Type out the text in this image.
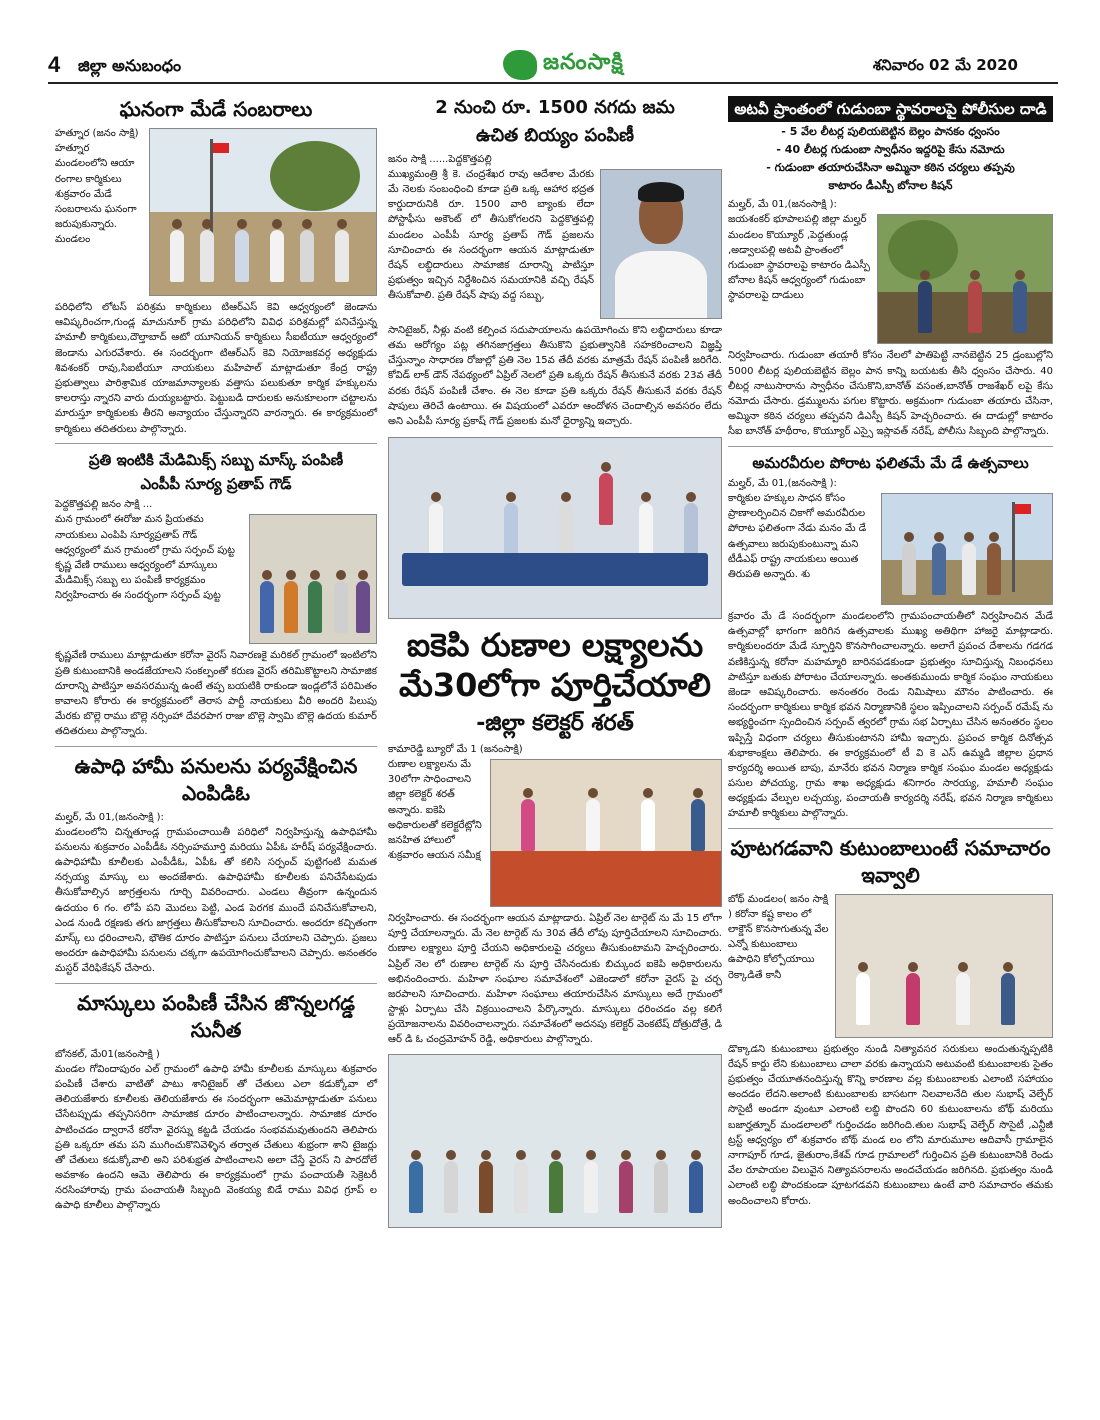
4 జిల్లా అనుబంధం	జనంసాక్షి	శనివారం 02 మే 2020
ఘనంగా మేడే సంబరాలు

హత్నూర (జనం సాక్షి) హత్నూర మండలంలోని ఆయా రంగాల కార్మికులు శుక్రవారం మేడే సంబరాలను ఘనంగా జరుపుకున్నారు. మండలం

పరిధిలోని లోటస్ పరిశ్రమ కార్మికులు టిఆర్ఎస్ కెవి ఆధ్వర్యంలో జెండాను ఆవిష్కరించగా,గుండ్ల మాచునూర్ గ్రామ పరిధిలోని వివిధ పరిశ్రమల్లో పనిచేస్తున్న హమాలీ కార్మికులు,దౌల్తాబాద్ ఆటో యూనియన్ కార్మికులు సీఐటీయూ ఆధ్వర్యంలో జెండాను ఎగురవేశారు. ఈ సందర్భంగా టిఆర్ఎస్ కెవి నియోజకవర్గ అధ్యక్షుడు శివశంకర్ రావు,సిఐటీయూ నాయకులు మహిపాల్ మాట్లాడుతూ కేంద్ర రాష్ట్ర ప్రభుత్వాలు పారిశ్రామిక యాజమాన్యాలకు వత్తాసు పలుకుతూ కార్మిక హక్కులను కాలరాస్తు న్నారని వారు దుయ్యబట్టారు. పెట్టుబడి దారులకు అనుకూలంగా చట్టాలను మారుస్తూ కార్మికులకు తీరని అన్యాయం చేస్తున్నారని వారన్నారు. ఈ కార్యక్రమంలో కార్మికులు తదితరులు పాల్గొన్నారు.

ప్రతి ఇంటికి మేడిమిక్స్ సబ్బు మాస్క్ పంపిణీ

ఎంపీపీ సూర్య ప్రతాప్ గౌడ్

పెద్దకొత్తపల్లి జనం సాక్షి ...

మన గ్రామంలో ఈరోజు మన ప్రియతమ నాయకులు ఎంపిపి సూర్యప్రతాప్ గౌడ్ ఆధ్వర్యంలో మన గ్రామంలో గ్రామ సర్పంచ్ పుట్ట కృష్ణ వేణి రాములు ఆధ్వర్యంలో మాస్కులు మేడిమిక్స్ సబ్బు లు పంపిణీ కార్యక్రమం నిర్వహించారు ఈ సందర్భంగా సర్పంచ్ పుట్ట

కృష్ణవేణి రాములు మాట్లాడుతూ కరోనా వైరస్ నివారణకై మరికల్ గ్రామంలో ఇంటిలోని ప్రతి కుటుంబానికి అండజేయాలని సంకల్పంతో కరుణ వైరస్ తరిమికొట్టాలని సామాజిక దూరాన్ని పాటిస్తూ అవసరమున్న ఉంటే తప్ప బయటికి రాకుండా ఇండ్లలోనే పరిమితం కావాలని కోరారు ఈ కార్యక్రమంలో తెరాస పార్టీ నాయకులు వీరి అందరి పిలుపు మేరకు బొల్లె రాము బొల్లె నర్సింహా దేవరపాగ రాజు బొల్లె స్వామి బొల్లె ఉదయ కుమార్ తదితరులు పాల్గొన్నారు.

ఉపాధి హామీ పనులను పర్యవేక్షించిన ఎంపిడిఓ

మల్హర్, మే 01,(జనంసాక్షి ):

మండలంలోని చిన్నతూండ్ల గ్రామపంచాయితీ పరిధిలో నిర్వహిస్తున్న ఉపాధిహామీ పనులను శుక్రవారం ఎంపీడీఓ నర్సింహమూర్తి మరియు ఏపీఓ హరీష్ పర్యవేక్షించారు. ఉపాధిహామీ కూలీలకు ఎంపీడీఓ, ఏపీఓ తో కలిసి సర్పంచ్ పుట్టిగంటి మమత నర్సయ్య మాస్కు లు అందజేశారు. ఉపాధిహామీ కూలీలకు పనిచేసేటపుడు తీసుకోవాల్సిన జాగ్రత్తలను గూర్చి వివరించారు. ఎండలు తీవ్రంగా ఉన్నందున ఉదయం 6 గం. లోపే పని మొదలు పెట్టి, ఎండ పెరగక ముందే పనిచేసుకోవాలని, ఎండ నుండి రక్షణకు తగు జాగ్రత్తలు తీసుకోవాలని సూచించారు. అందరూ కచ్చితంగా మాస్క్ లు ధరించాలని, భౌతిక దూరం పాటిస్తూ పనులు చేయాలని చెప్పారు. ప్రజలు అందరూ ఉపాధిహామీ పనులను చక్కగా ఉపయోగించుకోవాలని చెప్పారు. అనంతరం మస్టర్ వేరిఫికేషన్ చేసారు.

మాస్కులు పంపిణీ చేసిన జొన్నలగడ్డ సునీత

బోనకల్, మే01(జనంసాక్షి )

మండల గోవిందాపురం ఎల్ గ్రామంలో ఉపాధి హామీ కూలీలకు మాస్కులు శుక్రవారం పంపిణీ చేశారు వాటితో పాటు శానిటైజర్ తో చేతులు ఎలా కడుక్కోవా లో తెలియజేశారు కూలీలకు తెలియజేశారు ఈ సందర్భంగా ఆమెమాట్లాడుతూ పనులు చేసేటప్పుడు తప్పనిసరిగా సామాజిక దూరం పాటించాలన్నారు. సామాజిక దూరం పాటించడం ద్వారానే కరోనా వైరస్ను కట్టడి చేయడం సంభవమవుతుందని తెలిపారు ప్రతి ఒక్కరూ తమ పని ముగించుకొనివెళ్ళిన తర్వాత చేతులు శుభ్రంగా శాని టైజర్లు తో చేతులు కడుక్కోవాలి అని పరిశుభ్రత పాటించాలని అలా చేస్తే వైరస్ ని పారదోలే అవకాశం ఉందని ఆమె తెలిపారు ఈ కార్యక్రమంలో గ్రామ పంచాయతీ సెక్రెటరీ నరసింహారావు గ్రామ పంచాయతీ సిబ్బంది వెంకయ్య బిడే రాము వివిధ గ్రూప్ ల ఉపాధి కూలీలు పాల్గొన్నారు

2 నుంచి రూ. 1500 నగదు జమ

ఉచిత బియ్యం పంపిణీ

జనం సాక్షి ......పెద్దకొత్తపల్లి

ముఖ్యమంత్రి శ్రీ కె. చంద్రశేఖర రావు ఆదేశాల మేరకు మే నెలకు సంబంధించి కూడా ప్రతి ఒక్క ఆహార భద్రత కార్డుదారునికి రూ. 1500 వారి బ్యాంకు లేదా పోస్టాఫీసు అకౌంట్ లో తీసుకోగలరని పెద్దకొత్తపల్లి మండలం ఎంపీపీ సూర్య ప్రతాప్ గౌడ్ ప్రజలను సూచించారు ఈ సందర్భంగా ఆయన మాట్లాడుతూ రేషన్ లబ్ధిదారులు సామాజిక దూరాన్ని పాటిస్తూ ప్రభుత్వం ఇచ్చిన నిర్దేశించిన సమయానికి వచ్చి రేషన్ తీసుకోవాలి. ప్రతి రేషన్ షాపు వద్ద సబ్బు,

సానిటైజర్, నీళ్లు వంటి కల్పించ సదుపాయాలను ఉపయోగించు కొని లబ్ధిదారులు కూడా తమ ఆరోగ్యం పట్ల తగినజాగ్రత్తలు తీసుకొని ప్రభుత్వానికి సహకరించాలని విజ్ఞప్తి చేస్తున్నాం సాధారణ రోజుల్లో ప్రతి నెల 15వ తేదీ వరకు మాత్రమే రేషన్ పంపిణీ జరిగేది. కోవిడ్ లాక్ డౌన్ నేపథ్యంలో ఏప్రిల్ నెలలో ప్రతి ఒక్కరు రేషన్ తీసుకునే వరకు 23వ తేదీ వరకు రేషన్ పంపిణీ చేశాం. ఈ నెల కూడా ప్రతి ఒక్కరు రేషన్ తీసుకునే వరకు రేషన్ షాపులు తెరిచే ఉంటాయి. ఈ విషయంలో ఎవరూ ఆందోళన చెందాల్సిన అవసరం లేదు అని ఎంపీపీ సూర్య ప్రకాష్ గౌడ్ ప్రజలకు మనో ధైర్యాన్ని ఇచ్చారు.

ఐకెపి రుణాల లక్ష్యాలను మే30లోగా పూర్తిచేయాలి

-జిల్లా కలెక్టర్ శరత్

కామారెడ్డి బ్యూరో మే 1 (జనంసాక్షి)

రుణాల లక్ష్యాలను మే 30లోగా సాధించాలని జిల్లా కలెక్టర్ శరత్ అన్నారు. ఐకెపి అధికారులతో కలెక్టరేట్లోని జనహిత హాలులో శుక్రవారం ఆయన సమీక్ష

నిర్వహించారు. ఈ సందర్భంగా ఆయన మాట్లాడారు. ఏప్రిల్ నెల టార్గెట్ ను మే 15 లోగా పూర్తి చేయాలన్నారు. మే నెల టార్గెట్ ను 30వ తేదీ లోపు పూర్తిచేయాలని సూచించారు. రుణాల లక్ష్యాలు పూర్తి చేయని అధికారులపై చర్యలు తీసుకుంటామని హెచ్చరించారు. ఏప్రిల్ నెల లో రుణాల టార్గెట్ ను పూర్తి చేసినందుకు బిచ్కుంద ఐకెపి అధికారులను అభినందించారు. మహిళా సంఘాల సమావేశంలో ఎజెండాలో కరోనా వైరస్ పై చర్చ జరపాలని సూచించారు. మహిళా సంఘాలు తయారుచేసిన మాస్కులు అదే గ్రామంలో స్టాళ్లు ఏర్పాటు చేసి విక్రయించాలని పేర్కొన్నారు. మాస్కులు ధరించడం వల్ల కలిగే ప్రయోజనాలను వివరించాలన్నారు. సమావేశంలో అదనపు కలెక్టర్ వెంకటేష్ దోత్రుదోత్రే, డి ఆర్ డి ఓ చంద్రమోహన్ రెడ్డి, అధికారులు పాల్గొన్నారు.

అటవీ ప్రాంతంలో గుడుంబా స్థావరాలపై పోలీసుల దాడి

- 5 వేల లీటర్ల పులియబెట్టిన బెల్లం పానకం ధ్వంసం

- 40 లీటర్ల గుడుంబా స్వాధీనం ఇద్దరిపై కేసు నమోదు

- గుడుంబా తయారుచేసినా అమ్మినా కఠిన చర్యలు తప్పవు

కాటారం డీఎస్పీ బోనాల కిషన్

మల్హర్, మే 01,(జనంసాక్షి ):

జయశంకర్ భూపాలపల్లి జిల్లా మల్హర్ మండలం కొయ్యూర్ ,పెద్దతుండ్ల ,అడ్వాలపల్లి అటవీ ప్రాంతంలో గుడుంబా స్థావరాలపై కాటారం డిఎస్పీ బోనాల కిషన్ ఆధ్వర్యంలో గుడుంబా స్థావరాలపై దాడులు

నిర్వహించారు. గుడుంబా తయారీ కోసం నేలలో పాతిపెట్టి నానబెట్టిన 25 డ్రంబుల్లోని 5000 లీటర్ల పులియబెట్టిన బెల్లం పాన కాన్ని బయటకు తీసి ధ్వంసం చేసారు. 40 లీటర్ల నాటుసారాను స్వాధీనం చేసుకొని,బానోత్ వసంత,బానోత్ రాజశేఖర్ లపై కేసు నమోదు చేసారు. డ్రమ్ములను పగుల కొట్టారు. అక్రమంగా గుడుంబా తయారు చేసినా, అమ్మినా కఠిన చర్యలు తప్పవని డిఎస్పీ కిషన్ హెచ్చరించారు. ఈ దాడుల్లో కాటారం సీఐ బానోత్ హథీరాం, కొయ్యూర్ ఎస్సై ఇస్లావత్ నరేష్, పోలీసు సిబ్బంది పాల్గొన్నారు.

అమరవీరుల పోరాట ఫలితమే మే డే ఉత్సవాలు

మల్హర్, మే 01,(జనంసాక్షి ):

కార్మికుల హక్కుల సాధన కోసం ప్రాణాలర్పించిన చికాగో అమరవీరుల పోరాట ఫలితంగా నేడు మనం మే డే ఉత్సవాలు జరుపుకుంటున్నా మని టీడీఎఫ్ రాష్ట్ర నాయకులు అయిత తిరుపతి అన్నారు. శు

క్రవారం మే డే సందర్భంగా మండలంలోని గ్రామపంచాయతీలో నిర్వహించిన మేడే ఉత్సవాల్లో భాగంగా జరిగిన ఉత్సవాలకు ముఖ్య అతిథిగా హాజరై మాట్లాడారు. కార్మికులందరూ మేడే స్ఫూర్తిని కొనసాగించాలన్నారు. అలాగే ప్రపంచ దేశాలను గడగడ వణికిస్తున్న కరోనా మహమ్మారి బారినపడకుండా ప్రభుత్వం సూచిస్తున్న నిబంధనలు పాటిస్తూ బతుకు పోరాటం చేయాలన్నారు. అంతకుముందు కార్మిక సంఘం నాయకులు జెండా ఆవిష్కరించారు. అనంతరం రెండు నిమిషాలు మౌనం పాటించారు. ఈ సందర్భంగా కార్మికులు కార్మిక భవన నిర్మాణానికి స్థలం ఇప్పించాలని సర్పంచ్ రమేష్ ను అభ్యర్థించగా స్పందించిన సర్పంచ్ త్వరలో గ్రామ సభ ఏర్పాటు చేసిన అనంతరం స్థలం ఇప్పిస్తే విధంగా చర్యలు తీసుకుంటానని హామీ ఇచ్చారు. ప్రపంచ కార్మిక దినోత్సవ శుభాకాంక్షలు తెలిపారు. ఈ కార్యక్రమంలో టీ వి కె ఎస్ ఉమ్మడి జిల్లాల ప్రధాన కార్యదర్శి అయిత బాపు, మానేరు భవన నిర్మాణ కార్మిక సంఘం మండల అధ్యక్షుడు పసుల పోచయ్య, గ్రామ శాఖ అధ్యక్షుడు శనిగారం సారయ్య, హమాలీ సంఘం అధ్యక్షుడు వేల్పుల లచ్చయ్య, పంచాయతీ కార్యదర్శి నరేష్, భవన నిర్మాణ కార్మికులు హమాలీ కార్మికులు పాల్గొన్నారు.

పూటగడవాని కుటుంబాలుంటే సమాచారం ఇవ్వాలి

బోథ్ మండలం( జనం సాక్షి ) కరోనా కష్ట కాలం లో లాక్డౌన్ కొనసాగుతున్న వేల ఎన్నో కుటుంబాలు ఉపాధిని కోల్పోయాయి రెక్కాడితే కానీ

డొక్కాడని కుటుంబాలు ప్రభుత్వం నుండి నిత్యావసర సరుకులు అందుతున్నప్పటికి రేషన్ కార్డు లేని కుటుంబాలు చాలా వరకు ఉన్నాయని అటువంటి కుటుంబాలకు సైతం ప్రభుత్వం చేయూతనందిస్తున్న కొన్ని కారణాల వల్ల కుటుంబాలకు ఎలాంటి సహాయం అందడం లేదని.అలాంటి కుటుంబాలకు బాసటగా నిలవాలనేది తుల సుభాష్ వెల్ఫేర్ సొసైటీ అండగా వుంటూ ఎలాంటి లబ్ధి పొందని 60 కుటుంబాలను బోథ్ మరియు బజార్హత్నూర్ మండలాలలో గుర్తించడం జరిగింది.తుల సుభాష్ వెల్ఫేర్ సొసైటీ ,ఎన్టీజీ ట్రస్ట్ ఆధ్వర్యం లో శుక్రవారం బోథ్ మండ లం లోని మారుమూల ఆదివాసీ గ్రామాలైన నాగాపూర్ గూడ, జైతురాం,కేశవ్ గూడ గ్రామాలలో గుర్తించిన ప్రతి కుటుంబానికి రెండు వేల రూపాయల విలువైన నిత్యావసరాలను అందచేయడం జరిగినది. ప్రభుత్వం నుండి ఎలాంటి లబ్ధి పొందకుండా పూటగడవని కుటుంబాలు ఉంటే వారి సమాచారం తమకు అందించాలని కోరారు.
